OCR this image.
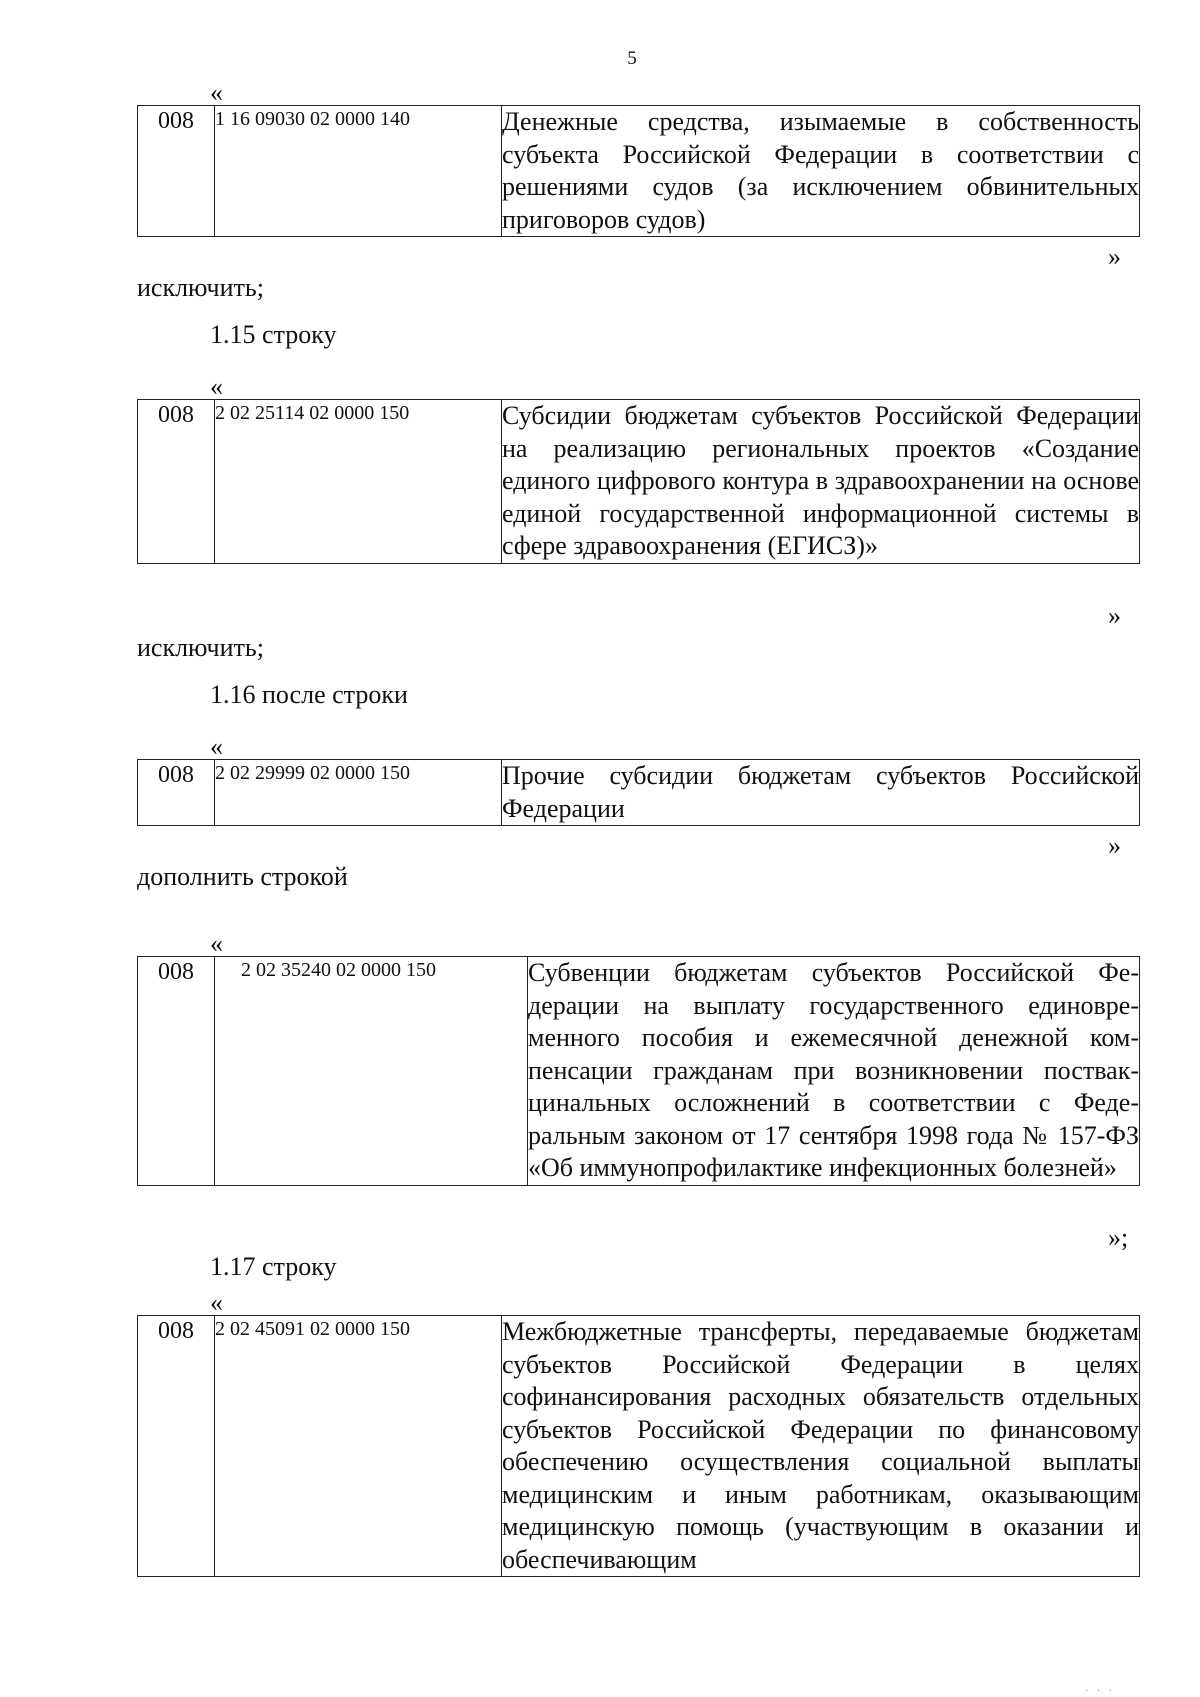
5
«
008	1 16 09030 02 0000 140	Денежные средства, изымаемые в собственность субъекта Российской Федерации в соответствии с решениями судов (за исключением обвинительных приговоров судов)
»
исключить;
1.15 строку
«
008	2 02 25114 02 0000 150	Субсидии бюджетам субъектов Российской Федерации на реализацию региональных проектов «Создание единого цифрового контура в здравоохранении на основе единой государственной информационной системы в сфере здравоохранения (ЕГИСЗ)»
»
исключить;
1.16 после строки
«
008	2 02 29999 02 0000 150	Прочие субсидии бюджетам субъектов Российской Федерации
»
дополнить строкой
«
008	2 02 35240 02 0000 150	Субвенции бюджетам субъектов Российской Федерации на выплату государственного единовременного пособия и ежемесячной денежной компенсации гражданам при возникновении поствакцинальных осложнений в соответствии с Федеральным законом от 17 сентября 1998 года № 157-ФЗ «Об иммунопрофилактике инфекционных болезней»
»;
1.17 строку
«
008	2 02 45091 02 0000 150	Межбюджетные трансферты, передаваемые бюджетам субъектов Российской Федерации в целях софинансирования расходных обязательств отдельных субъектов Российской Федерации по финансовому обеспечению осуществления социальной выплаты медицинским и иным работникам, оказывающим медицинскую помощь (участвующим в оказании и обеспечивающим
· · ·
